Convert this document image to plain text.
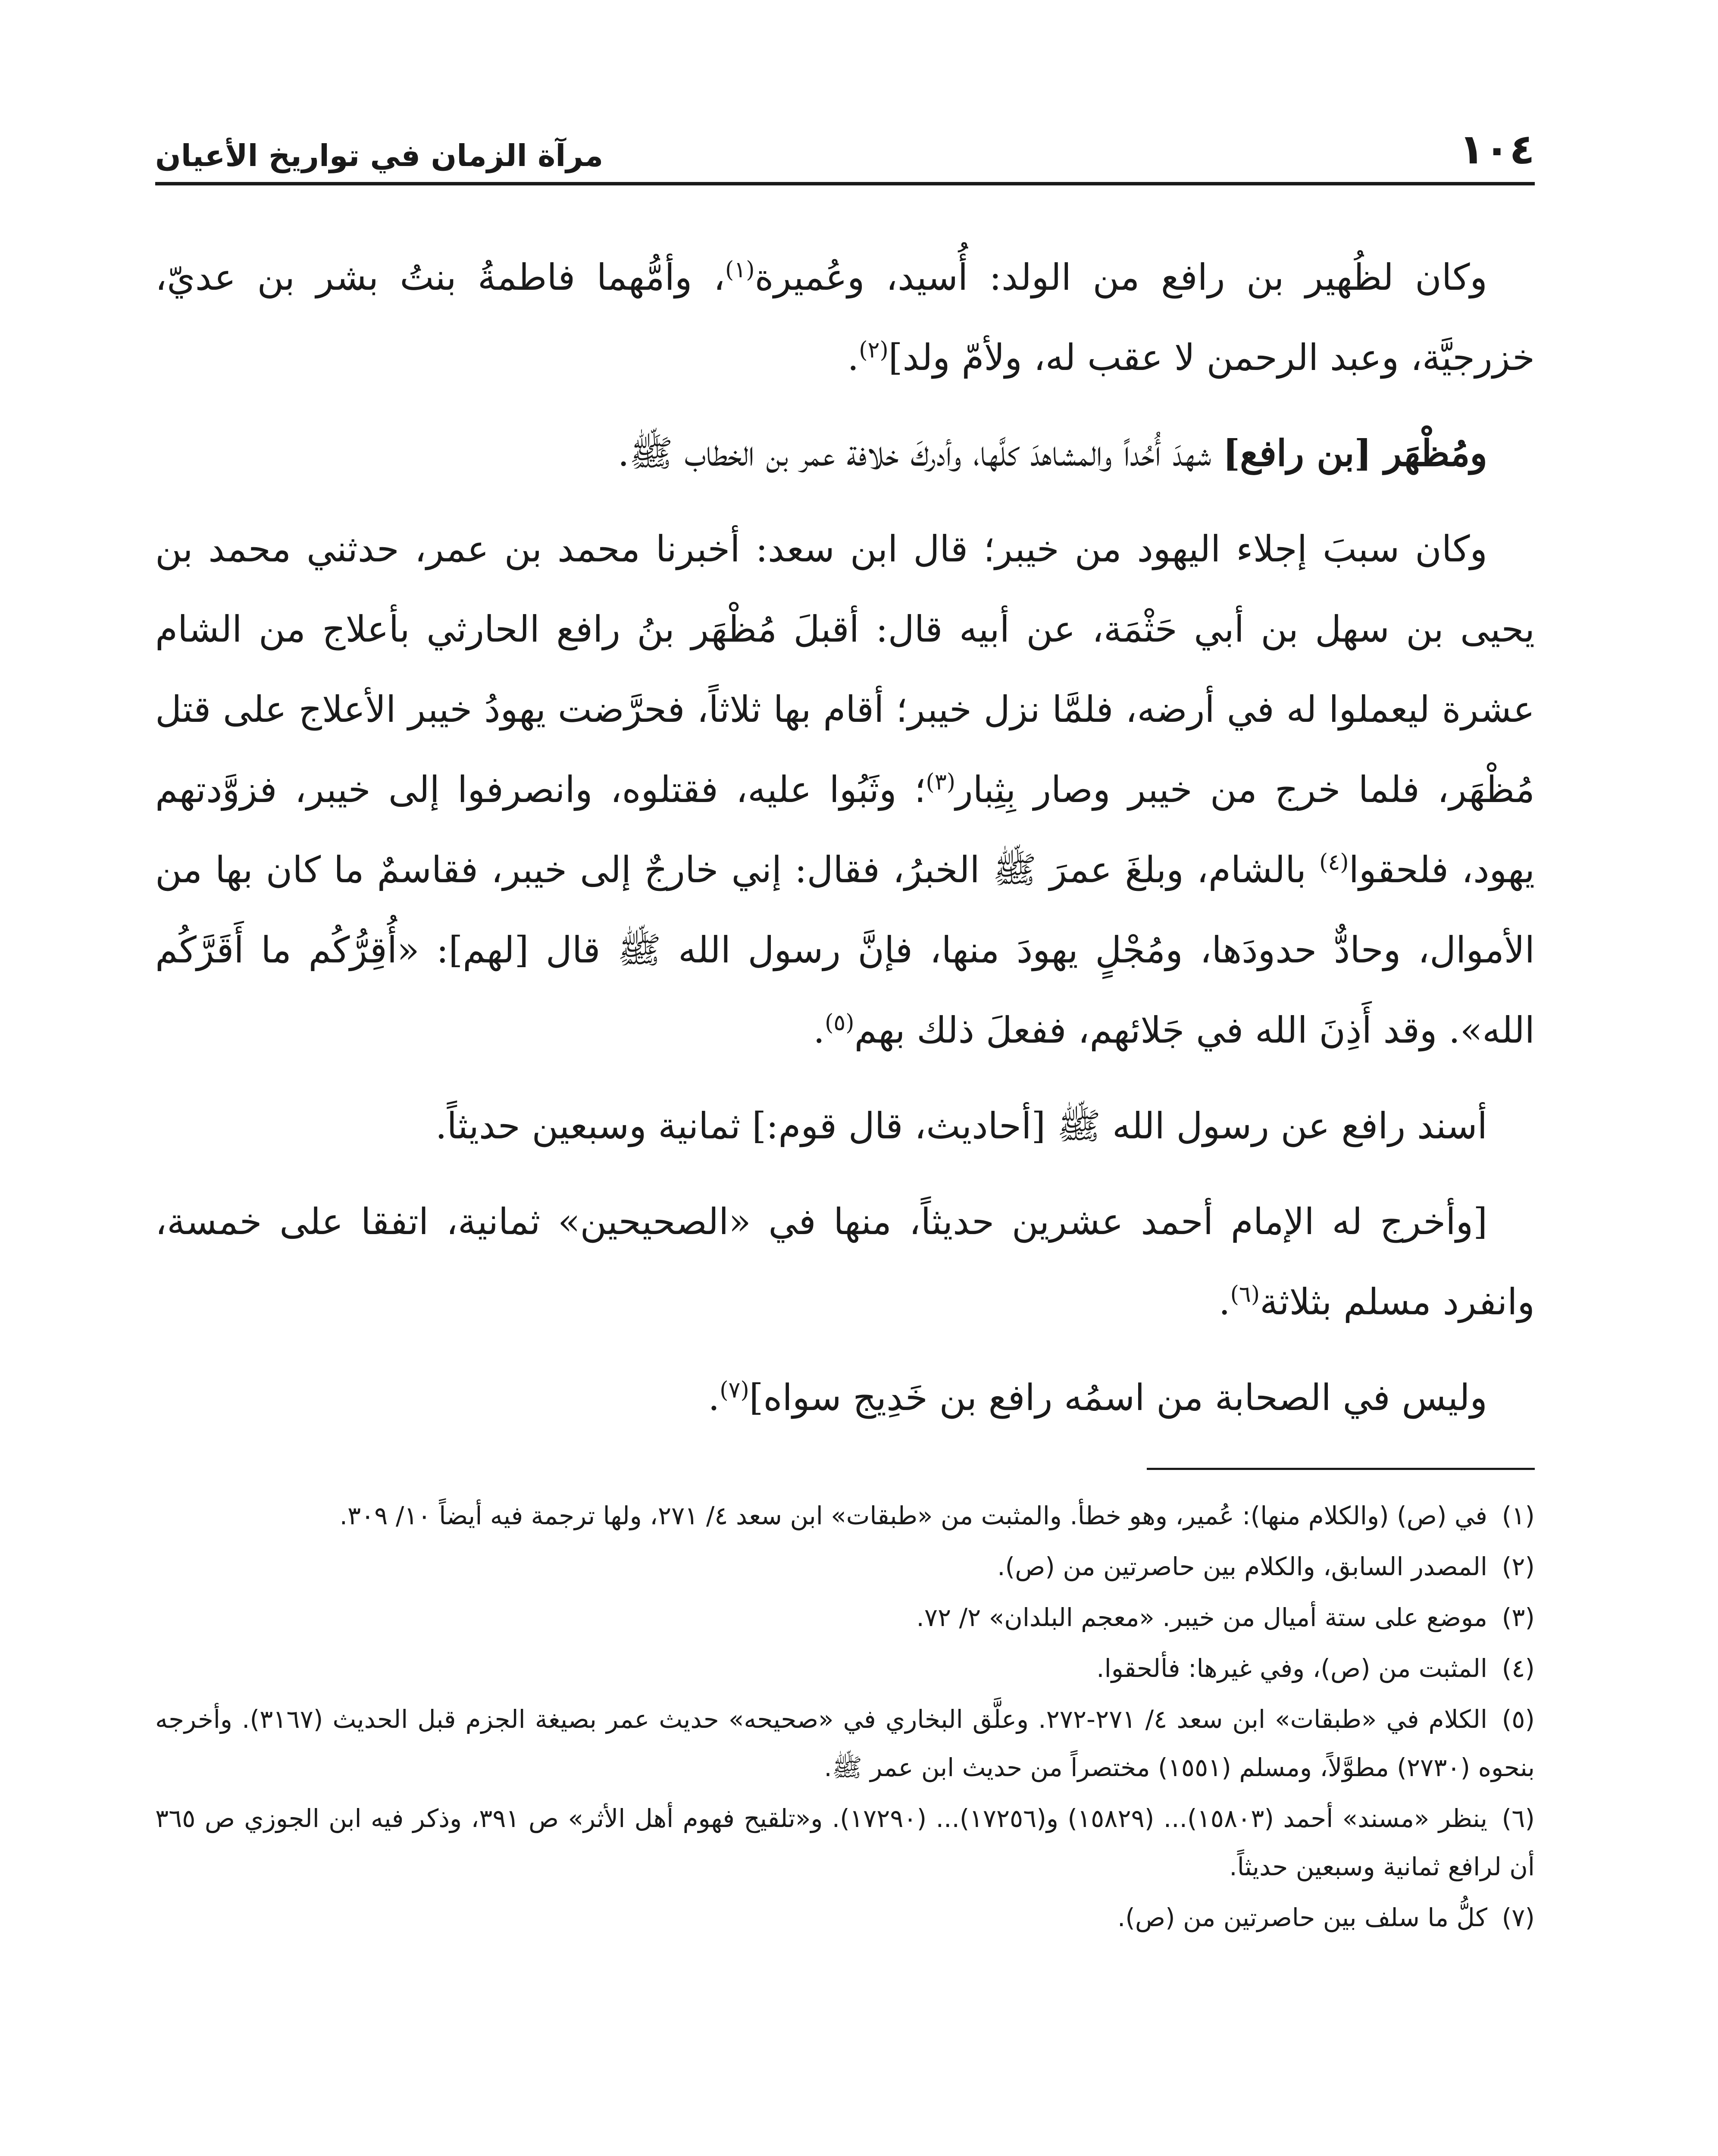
١٠٤
مرآة الزمان في تواريخ الأعيان

وكان لظُهير بن رافع من الولد: أُسيد، وعُميرة$^{(١)}$، وأمُّهما فاطمةُ بنتُ بشر بن عديّ، خزرجيَّة، وعبد الرحمن لا عقب له، ولأمّ ولد]$^{(٢)}$.

ومُظْهَر [بن رافع] شهدَ أُحُداً والمشاهدَ كلَّها، وأدركَ خلافة عمر بن الخطاب ﷺ.

وكان سببَ إجلاء اليهود من خيبر؛ قال ابن سعد: أخبرنا محمد بن عمر، حدثني محمد بن يحيى بن سهل بن أبي حَثْمَة، عن أبيه قال: أقبلَ مُظْهَر بنُ رافع الحارثي بأعلاج من الشام عشرة ليعملوا له في أرضه، فلمَّا نزل خيبر؛ أقام بها ثلاثاً، فحرَّضت يهودُ خيبر الأعلاج على قتل مُظْهَر، فلما خرج من خيبر وصار بِثِبار$^{(٣)}$؛ وثَبُوا عليه، فقتلوه، وانصرفوا إلى خيبر، فزوَّدتهم يهود، فلحقوا$^{(٤)}$ بالشام، وبلغَ عمرَ ﷺ الخبرُ، فقال: إني خارجٌ إلى خيبر، فقاسمٌ ما كان بها من الأموال، وحادٌّ حدودَها، ومُجْلٍ يهودَ منها، فإنَّ رسول الله ﷺ قال [لهم]: «أُقِرُّكُم ما أَقَرَّكُم الله». وقد أَذِنَ الله في جَلائهم، ففعلَ ذلك بهم$^{(٥)}$.

أسند رافع عن رسول الله ﷺ [أحاديث، قال قوم:] ثمانية وسبعين حديثاً.

[وأخرج له الإمام أحمد عشرين حديثاً، منها في «الصحيحين» ثمانية، اتفقا على خمسة، وانفرد مسلم بثلاثة$^{(٦)}$.

وليس في الصحابة من اسمُه رافع بن خَدِيج سواه]$^{(٧)}$.

(١)في (ص) (والكلام منها): عُمير، وهو خطأ. والمثبت من «طبقات» ابن سعد ٤/ ٢٧١، ولها ترجمة فيه أيضاً ١٠/ ٣٠٩.

(٢)المصدر السابق، والكلام بين حاصرتين من (ص).

(٣)موضع على ستة أميال من خيبر. «معجم البلدان» ٢/ ٧٢.

(٤)المثبت من (ص)، وفي غيرها: فألحقوا.

(٥)الكلام في «طبقات» ابن سعد ٤/ ٢٧١-٢٧٢. وعلَّق البخاري في «صحيحه» حديث عمر بصيغة الجزم قبل الحديث (٣١٦٧). وأخرجه بنحوه (٢٧٣٠) مطوَّلاً، ومسلم (١٥٥١) مختصراً من حديث ابن عمر ﷺ.

(٦)ينظر «مسند» أحمد (١٥٨٠٣)... (١٥٨٢٩) و(١٧٢٥٦)... (١٧٢٩٠). و«تلقيح فهوم أهل الأثر» ص ٣٩١، وذكر فيه ابن الجوزي ص ٣٦٥ أن لرافع ثمانية وسبعين حديثاً.

(٧)كلُّ ما سلف بين حاصرتين من (ص).
